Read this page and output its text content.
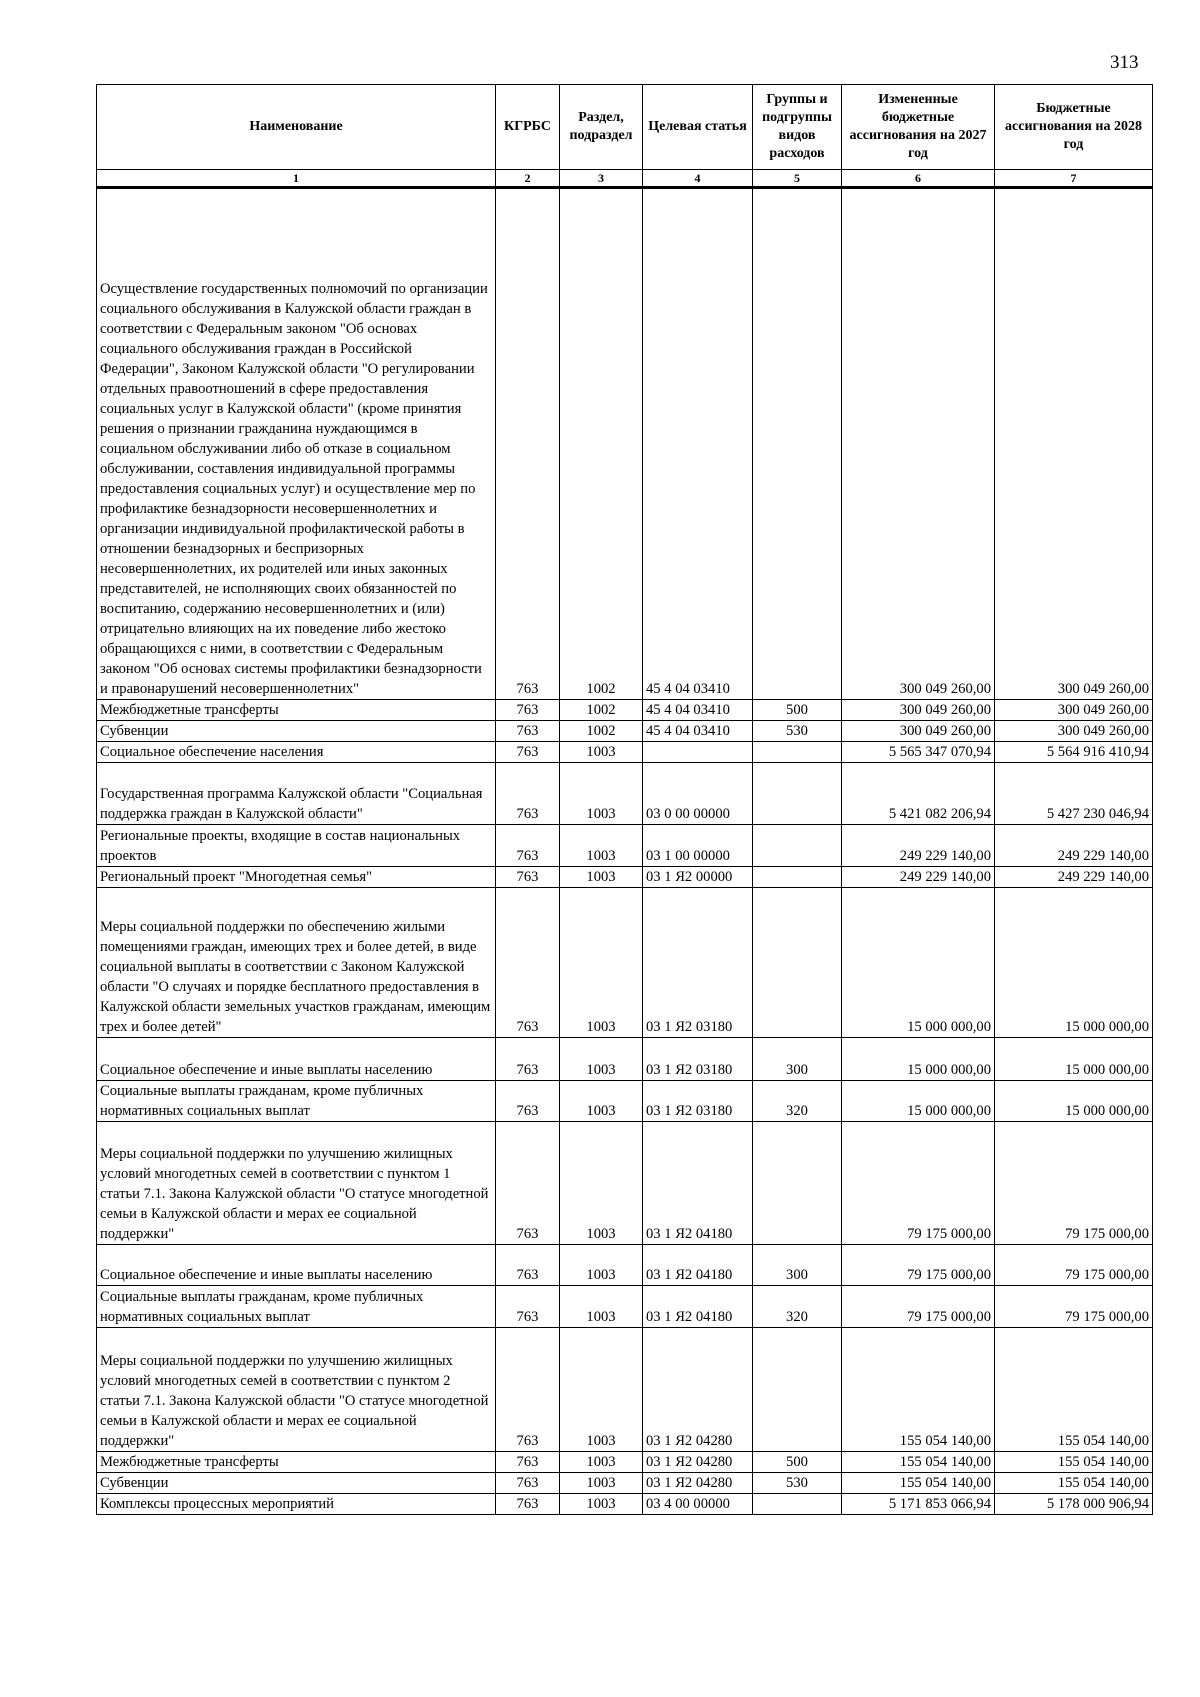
313
Наименование	КГРБС	Раздел, подраздел	Целевая статья	Группы и подгруппы видов расходов	Измененные бюджетные ассигнования на 2027 год	Бюджетные ассигнования на 2028 год
1	2	3	4	5	6	7
Осуществление государственных полномочий по организации социального обслуживания в Калужской области граждан в соответствии с Федеральным законом "Об основах социального обслуживания граждан в Российской Федерации", Законом Калужской области "О регулировании отдельных правоотношений в сфере предоставления социальных услуг в Калужской области" (кроме принятия решения о признании гражданина нуждающимся в социальном обслуживании либо об отказе в социальном обслуживании, составления индивидуальной программы предоставления социальных услуг) и осуществление мер по профилактике безнадзорности несовершеннолетних и организации индивидуальной профилактической работы в отношении безнадзорных и беспризорных несовершеннолетних, их родителей или иных законных представителей, не исполняющих своих обязанностей по воспитанию, содержанию несовершеннолетних и (или) отрицательно влияющих на их поведение либо жестоко обращающихся с ними, в соответствии с Федеральным законом "Об основах системы профилактики безнадзорности и правонарушений несовершеннолетних"	763	1002	45 4 04 03410		300 049 260,00	300 049 260,00
Межбюджетные трансферты	763	1002	45 4 04 03410	500	300 049 260,00	300 049 260,00
Субвенции	763	1002	45 4 04 03410	530	300 049 260,00	300 049 260,00
Социальное обеспечение населения	763	1003			5 565 347 070,94	5 564 916 410,94
Государственная программа Калужской области "Социальная поддержка граждан в Калужской области"	763	1003	03 0 00 00000		5 421 082 206,94	5 427 230 046,94
Региональные проекты, входящие в состав национальных проектов	763	1003	03 1 00 00000		249 229 140,00	249 229 140,00
Региональный проект "Многодетная семья"	763	1003	03 1 Я2 00000		249 229 140,00	249 229 140,00
Меры социальной поддержки по обеспечению жилыми помещениями граждан, имеющих трех и более детей, в виде социальной выплаты в соответствии с Законом Калужской области "О случаях и порядке бесплатного предоставления в Калужской области земельных участков гражданам, имеющим трех и более детей"	763	1003	03 1 Я2 03180		15 000 000,00	15 000 000,00
Социальное обеспечение и иные выплаты населению	763	1003	03 1 Я2 03180	300	15 000 000,00	15 000 000,00
Социальные выплаты гражданам, кроме публичных нормативных социальных выплат	763	1003	03 1 Я2 03180	320	15 000 000,00	15 000 000,00
Меры социальной поддержки по улучшению жилищных условий многодетных семей в соответствии с пунктом 1 статьи 7.1. Закона Калужской области "О статусе многодетной семьи в Калужской области и мерах ее социальной поддержки"	763	1003	03 1 Я2 04180		79 175 000,00	79 175 000,00
Социальное обеспечение и иные выплаты населению	763	1003	03 1 Я2 04180	300	79 175 000,00	79 175 000,00
Социальные выплаты гражданам, кроме публичных нормативных социальных выплат	763	1003	03 1 Я2 04180	320	79 175 000,00	79 175 000,00
Меры социальной поддержки по улучшению жилищных условий многодетных семей в соответствии с пунктом 2 статьи 7.1. Закона Калужской области "О статусе многодетной семьи в Калужской области и мерах ее социальной поддержки"	763	1003	03 1 Я2 04280		155 054 140,00	155 054 140,00
Межбюджетные трансферты	763	1003	03 1 Я2 04280	500	155 054 140,00	155 054 140,00
Субвенции	763	1003	03 1 Я2 04280	530	155 054 140,00	155 054 140,00
Комплексы процессных мероприятий	763	1003	03 4 00 00000		5 171 853 066,94	5 178 000 906,94
